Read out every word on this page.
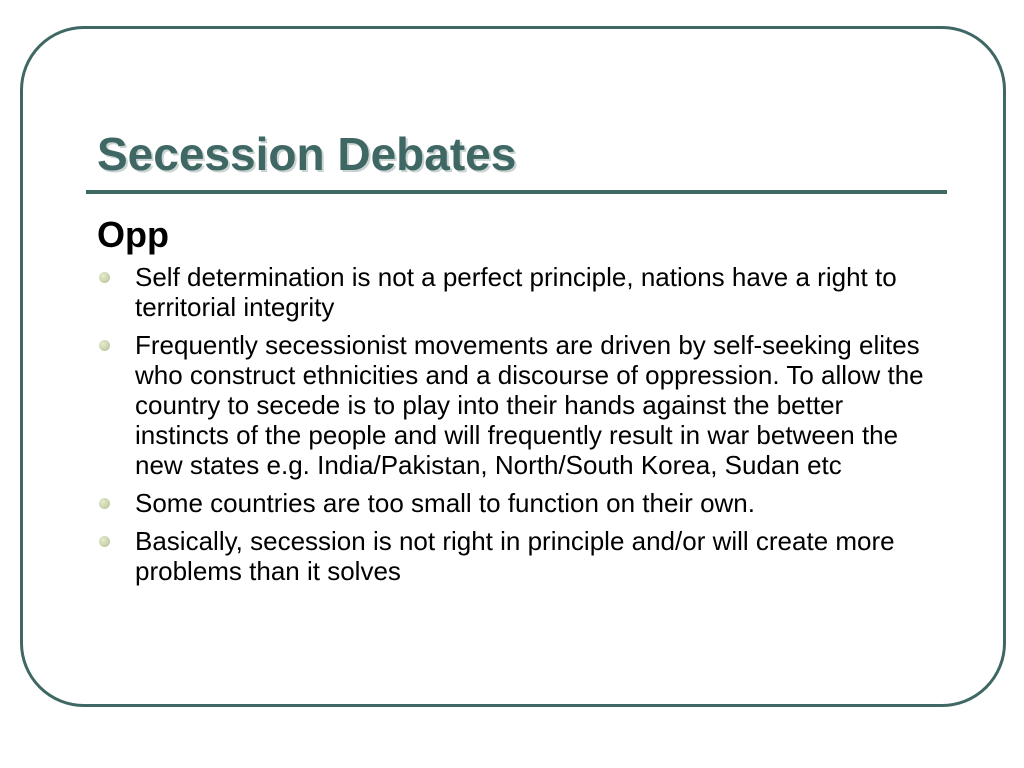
Secession Debates
Opp
Self determination is not a perfect principle, nations have a right to territorial integrity
Frequently secessionist movements are driven by self-seeking elites who construct ethnicities and a discourse of oppression. To allow the country to secede is to play into their hands against the better instincts of the people and will frequently result in war between the new states e.g. India/Pakistan, North/South Korea, Sudan etc
Some countries are too small to function on their own.
Basically, secession is not right in principle and/or will create more problems than it solves
